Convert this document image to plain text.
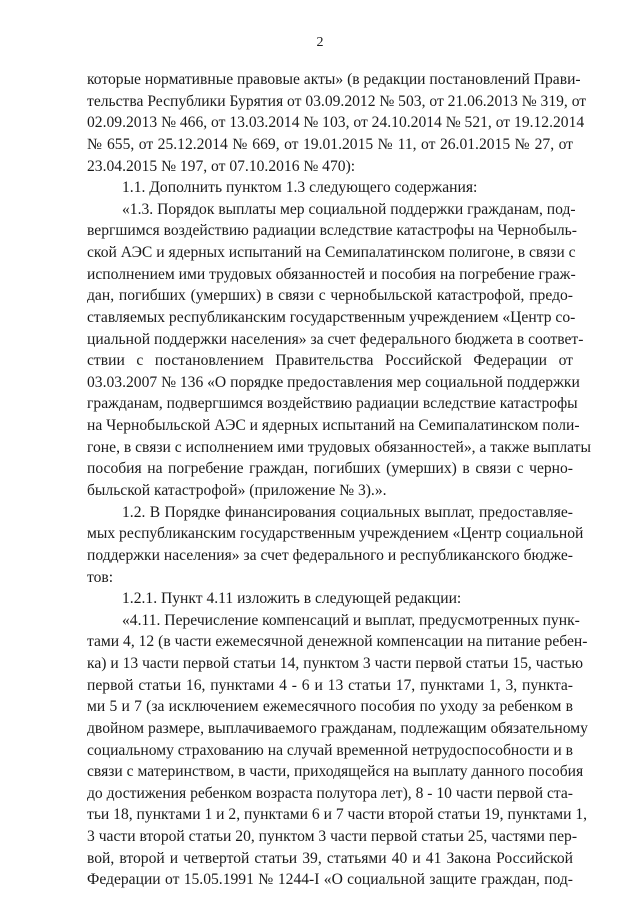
2
которые нормативные правовые акты» (в редакции постановлений Прави-
тельства Республики Бурятия от 03.09.2012 № 503, от 21.06.2013 № 319, от
02.09.2013 № 466, от 13.03.2014 № 103, от 24.10.2014 № 521, от 19.12.2014
№ 655, от 25.12.2014 № 669, от 19.01.2015 № 11, от 26.01.2015 № 27, от
23.04.2015 № 197, от 07.10.2016 № 470):
1.1. Дополнить пунктом 1.3 следующего содержания:
«1.3. Порядок выплаты мер социальной поддержки гражданам, под-
вергшимся воздействию радиации вследствие катастрофы на Чернобыль-
ской АЭС и ядерных испытаний на Семипалатинском полигоне, в связи с
исполнением ими трудовых обязанностей и пособия на погребение граж-
дан, погибших (умерших) в связи с чернобыльской катастрофой, предо-
ставляемых республиканским государственным учреждением «Центр со-
циальной поддержки населения» за счет федерального бюджета в соответ-
ствии с постановлением Правительства Российской Федерации от
03.03.2007 № 136 «О порядке предоставления мер социальной поддержки
гражданам, подвергшимся воздействию радиации вследствие катастрофы
на Чернобыльской АЭС и ядерных испытаний на Семипалатинском поли-
гоне, в связи с исполнением ими трудовых обязанностей», а также выплаты
пособия на погребение граждан, погибших (умерших) в связи с черно-
быльской катастрофой» (приложение № 3).».
1.2. В Порядке финансирования социальных выплат, предоставляе-
мых республиканским государственным учреждением «Центр социальной
поддержки населения» за счет федерального и республиканского бюдже-
тов:
1.2.1. Пункт 4.11 изложить в следующей редакции:
«4.11. Перечисление компенсаций и выплат, предусмотренных пунк-
тами 4, 12 (в части ежемесячной денежной компенсации на питание ребен-
ка) и 13 части первой статьи 14, пунктом 3 части первой статьи 15, частью
первой статьи 16, пунктами 4 - 6 и 13 статьи 17, пунктами 1, 3, пункта-
ми 5 и 7 (за исключением ежемесячного пособия по уходу за ребенком в
двойном размере, выплачиваемого гражданам, подлежащим обязательному
социальному страхованию на случай временной нетрудоспособности и в
связи с материнством, в части, приходящейся на выплату данного пособия
до достижения ребенком возраста полутора лет), 8 - 10 части первой ста-
тьи 18, пунктами 1 и 2, пунктами 6 и 7 части второй статьи 19, пунктами 1,
3 части второй статьи 20, пунктом 3 части первой статьи 25, частями пер-
вой, второй и четвертой статьи 39, статьями 40 и 41 Закона Российской
Федерации от 15.05.1991 № 1244-I «О социальной защите граждан, под-
